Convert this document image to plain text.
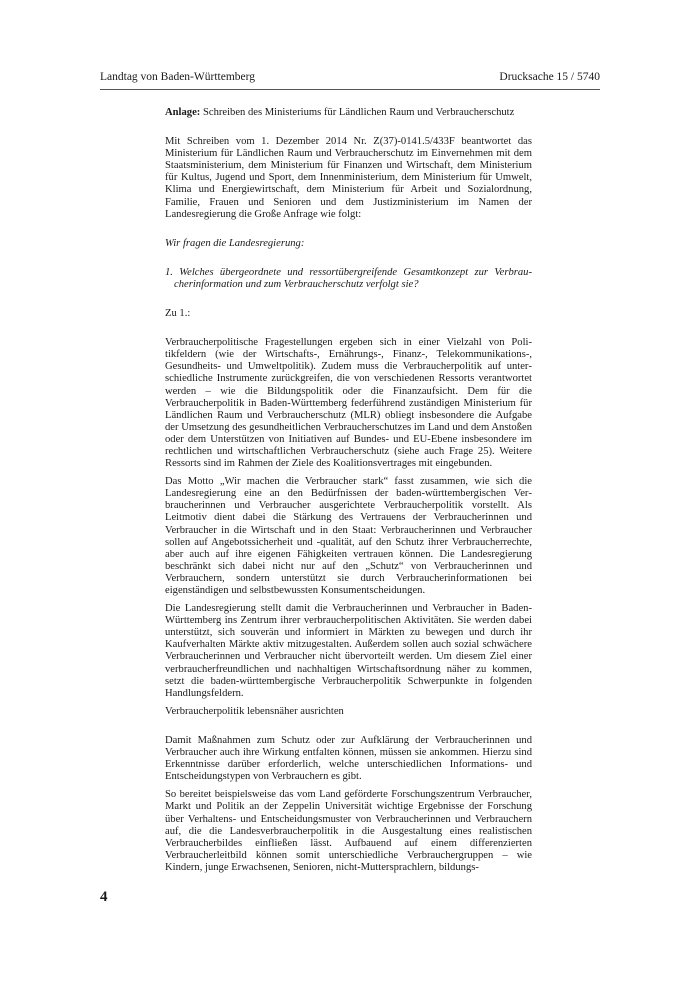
Landtag von Baden-Württemberg	Drucksache 15 / 5740

Anlage: Schreiben des Ministeriums für Ländlichen Raum und Verbraucherschutz

Mit Schreiben vom 1. Dezember 2014 Nr. Z(37)-0141.5/433F beantwortet das Ministerium für Ländlichen Raum und Verbraucherschutz im Einvernehmen mit dem Staatsministerium, dem Ministerium für Finanzen und Wirtschaft, dem Ministerium für Kultus, Jugend und Sport, dem Innenministerium, dem Ministerium für Umwelt, Klima und Energiewirtschaft, dem Ministerium für Arbeit und Sozialordnung, Familie, Frauen und Senioren und dem Justizministerium im Namen der Landesregierung die Große Anfrage wie folgt:

Wir fragen die Landesregierung:

1. Welches übergeordnete und ressortübergreifende Gesamtkonzept zur Verbraucherinformation und zum Verbraucherschutz verfolgt sie?

Zu 1.:

Verbraucherpolitische Fragestellungen ergeben sich in einer Vielzahl von Politikfeldern (wie der Wirtschafts-, Ernährungs-, Finanz-, Telekommunikations-, Gesundheits- und Umweltpolitik). Zudem muss die Verbraucherpolitik auf unterschiedliche Instrumente zurückgreifen, die von verschiedenen Ressorts verantwortet werden – wie die Bildungspolitik oder die Finanzaufsicht. Dem für die Verbraucherpolitik in Baden-Württemberg federführend zuständigen Ministerium für Ländlichen Raum und Verbraucherschutz (MLR) obliegt insbesondere die Aufgabe der Umsetzung des gesundheitlichen Verbraucherschutzes im Land und dem Anstoßen oder dem Unterstützen von Initiativen auf Bundes- und EU-Ebene insbesondere im rechtlichen und wirtschaftlichen Verbraucherschutz (siehe auch Frage 25). Weitere Ressorts sind im Rahmen der Ziele des Koalitionsvertrages mit eingebunden.

Das Motto „Wir machen die Verbraucher stark“ fasst zusammen, wie sich die Landesregierung eine an den Bedürfnissen der baden-württembergischen Verbraucherinnen und Verbraucher ausgerichtete Verbraucherpolitik vorstellt. Als Leitmotiv dient dabei die Stärkung des Vertrauens der Verbraucherinnen und Verbraucher in die Wirtschaft und in den Staat: Verbraucherinnen und Verbraucher sollen auf Angebotssicherheit und -qualität, auf den Schutz ihrer Verbraucherrechte, aber auch auf ihre eigenen Fähigkeiten vertrauen können. Die Landesregierung beschränkt sich dabei nicht nur auf den „Schutz“ von Verbraucherinnen und Verbrauchern, sondern unterstützt sie durch Verbraucherinformationen bei eigenständigen und selbstbewussten Konsumentscheidungen.

Die Landesregierung stellt damit die Verbraucherinnen und Verbraucher in Baden-Württemberg ins Zentrum ihrer verbraucherpolitischen Aktivitäten. Sie werden dabei unterstützt, sich souverän und informiert in Märkten zu bewegen und durch ihr Kaufverhalten Märkte aktiv mitzugestalten. Außerdem sollen auch sozial schwächere Verbraucherinnen und Verbraucher nicht übervorteilt werden. Um diesem Ziel einer verbraucherfreundlichen und nachhaltigen Wirtschaftsordnung näher zu kommen, setzt die baden-württembergische Verbraucherpolitik Schwerpunkte in folgenden Handlungsfeldern.

Verbraucherpolitik lebensnäher ausrichten

Damit Maßnahmen zum Schutz oder zur Aufklärung der Verbraucherinnen und Verbraucher auch ihre Wirkung entfalten können, müssen sie ankommen. Hierzu sind Erkenntnisse darüber erforderlich, welche unterschiedlichen Informations- und Entscheidungstypen von Verbrauchern es gibt.

So bereitet beispielsweise das vom Land geförderte Forschungszentrum Verbraucher, Markt und Politik an der Zeppelin Universität wichtige Ergebnisse der Forschung über Verhaltens- und Entscheidungsmuster von Verbraucherinnen und Verbrauchern auf, die die Landesverbraucherpolitik in die Ausgestaltung eines realistischen Verbraucherbildes einfließen lässt. Aufbauend auf einem differenzierten Verbraucherleitbild können somit unterschiedliche Verbrauchergruppen – wie Kindern, junge Erwachsenen, Senioren, nicht-Muttersprachlern, bildungs-

4
